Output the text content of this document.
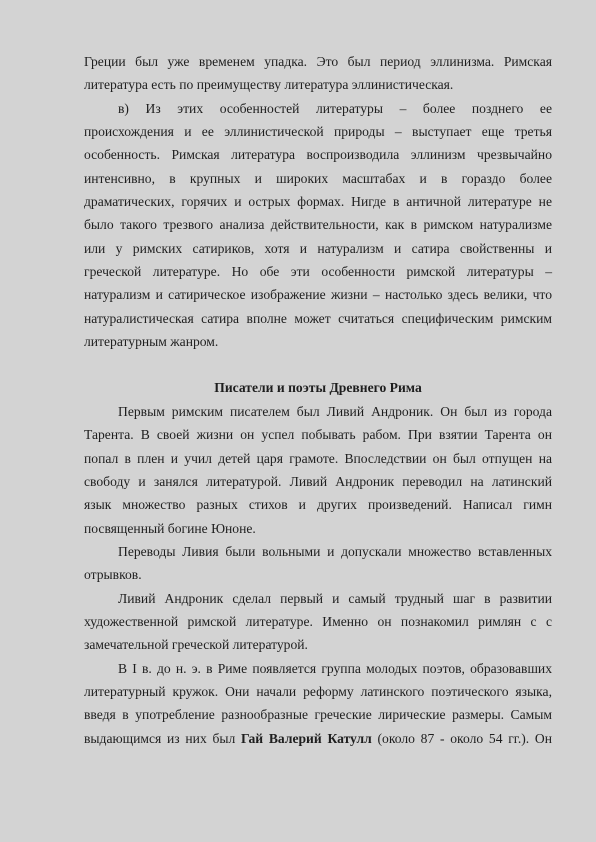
Греции был уже временем упадка. Это был период эллинизма. Римская

литература есть по преимуществу литература эллинистическая.

в) Из этих особенностей литературы – более позднего ее

происхождения и ее эллинистической природы – выступает еще третья

особенность. Римская литература воспроизводила эллинизм чрезвычайно

интенсивно, в крупных и широких масштабах и в гораздо более

драматических, горячих и острых формах. Нигде в античной литературе не

было такого трезвого анализа действительности, как в римском натурализме

или у римских сатириков, хотя и натурализм и сатира свойственны и

греческой литературе. Но обе эти особенности римской литературы –

натурализм и сатирическое изображение жизни – настолько здесь велики, что

натуралистическая сатира вполне может считаться специфическим римским

литературным жанром.

Писатели и поэты Древнего Рима

Первым римским писателем был Ливий Андроник. Он был из города

Тарента. В своей жизни он успел побывать рабом. При взятии Тарента он

попал в плен и учил детей царя грамоте. Впоследствии он был отпущен на

свободу и занялся литературой. Ливий Андроник переводил на латинский

язык множество разных стихов и других произведений. Написал гимн

посвященный богине Юноне.

Переводы Ливия были вольными и допускали множество вставленных

отрывков.

Ливий Андроник сделал первый и самый трудный шаг в развитии

художественной римской литературе. Именно он познакомил римлян с с

замечательной греческой литературой.

В I в. до н. э. в Риме появляется группа молодых поэтов, образовавших

литературный кружок. Они начали реформу латинского поэтического языка,

введя в употребление разнообразные греческие лирические размеры. Самым

выдающимся из них был Гай Валерий Катулл (около 87 - около 54 гг.). Он
